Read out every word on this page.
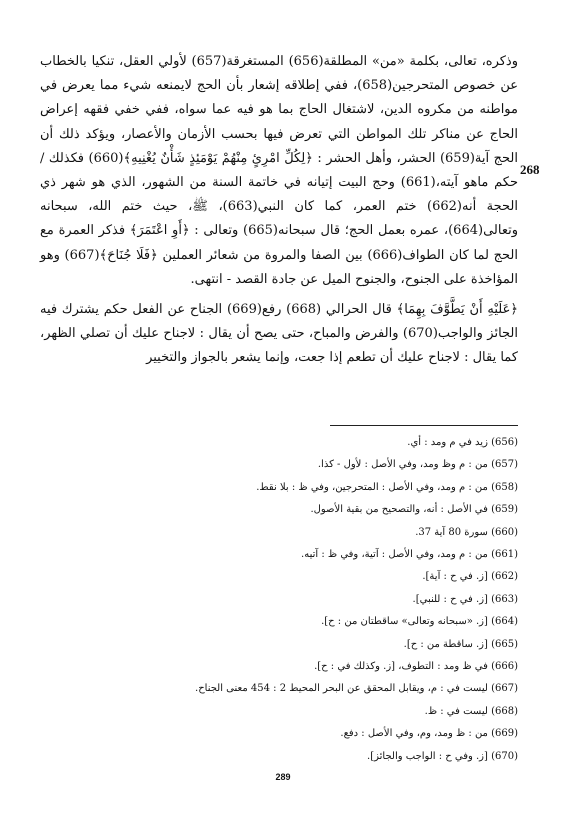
وذكره، تعالى، بكلمة «من» المطلقة(656) المستغرقة(657) لأولي العقل، تنكيا بالخطاب عن خصوص المتحرجين(658)، ففي إطلاقه إشعار بأن الحج لايمنعه شيء مما يعرض في مواطنه من مكروه الدين، لاشتغال الحاج بما هو فيه عما سواه، ففي خفي فقهه إعراض الحاج عن مناكر تلك المواطن التي تعرض فيها بحسب الأزمان والأعصار، ويؤكد ذلك أن الحج آية(659) الحشر، وأهل الحشر : ﴿لِكُلِّ امْرِئٍ مِنْهُمْ يَوْمَئِذٍ شَأْنٌ يُغْنِيهِ﴾(660) فكذلك /حكم ماهو آيته،(661) وحج البيت إتيانه في خاتمة السنة من الشهور، الذي هو شهر ذي الحجة أنه(662) ختم العمر، كما كان النبي(663)، ﷺ، حيث ختم الله، سبحانه وتعالى(664)، عمره بعمل الحج؛ قال سبحانه(665) وتعالى : ﴿أَوِ اعْتَمَرَ﴾ فذكر العمرة مع الحج لما كان الطواف(666) بين الصفا والمروة من شعائر العملين ﴿فَلَا جُنَاحَ﴾(667) وهو المؤاخذة على الجنوح، والجنوح الميل عن جادة القصد - انتهى.

﴿عَلَيْهِ أَنْ يَطَّوَّفَ بِهِمَا﴾ قال الحرالي (668) رفع(669) الجناح عن الفعل حكم يشترك فيه الجائز والواجب(670) والفرض والمباح، حتى يصح أن يقال : لاجناح عليك أن تصلي الظهر، كما يقال : لاجناح عليك أن تطعم إذا جعت، وإنما يشعر بالجواز والتخيير

268
(656) زيد في م ومد : أي.
(657) من : م وظ ومد، وفي الأصل : لأول - كذا.
(658) من : م ومد، وفي الأصل : المتحرجين، وفي ظ : بلا نقط.
(659) في الأصل : أنه، والتصحيح من بقية الأصول.
(660) سورة 80 آية 37.
(661) من : م ومد، وفي الأصل : آتية، وفي ظ : آتيه.
(662) [ز. في ح : آية].
(663) [ز. في ح : للنبي].
(664) [ز. «سبحانه وتعالى» ساقطتان من : ح].
(665) [ز. ساقطة من : ح].
(666) في ظ ومد : التطوف، [ز. وكذلك في : ح].
(667) ليست في : م، ويقابل المحقق عن البحر المحيط 2 : 454 معنى الجناح.
(668) ليست في : ظ.
(669) من : ظ ومد، وم، وفي الأصل : دفع.
(670) [ز. وفي ح : الواجب والجائز].
289
